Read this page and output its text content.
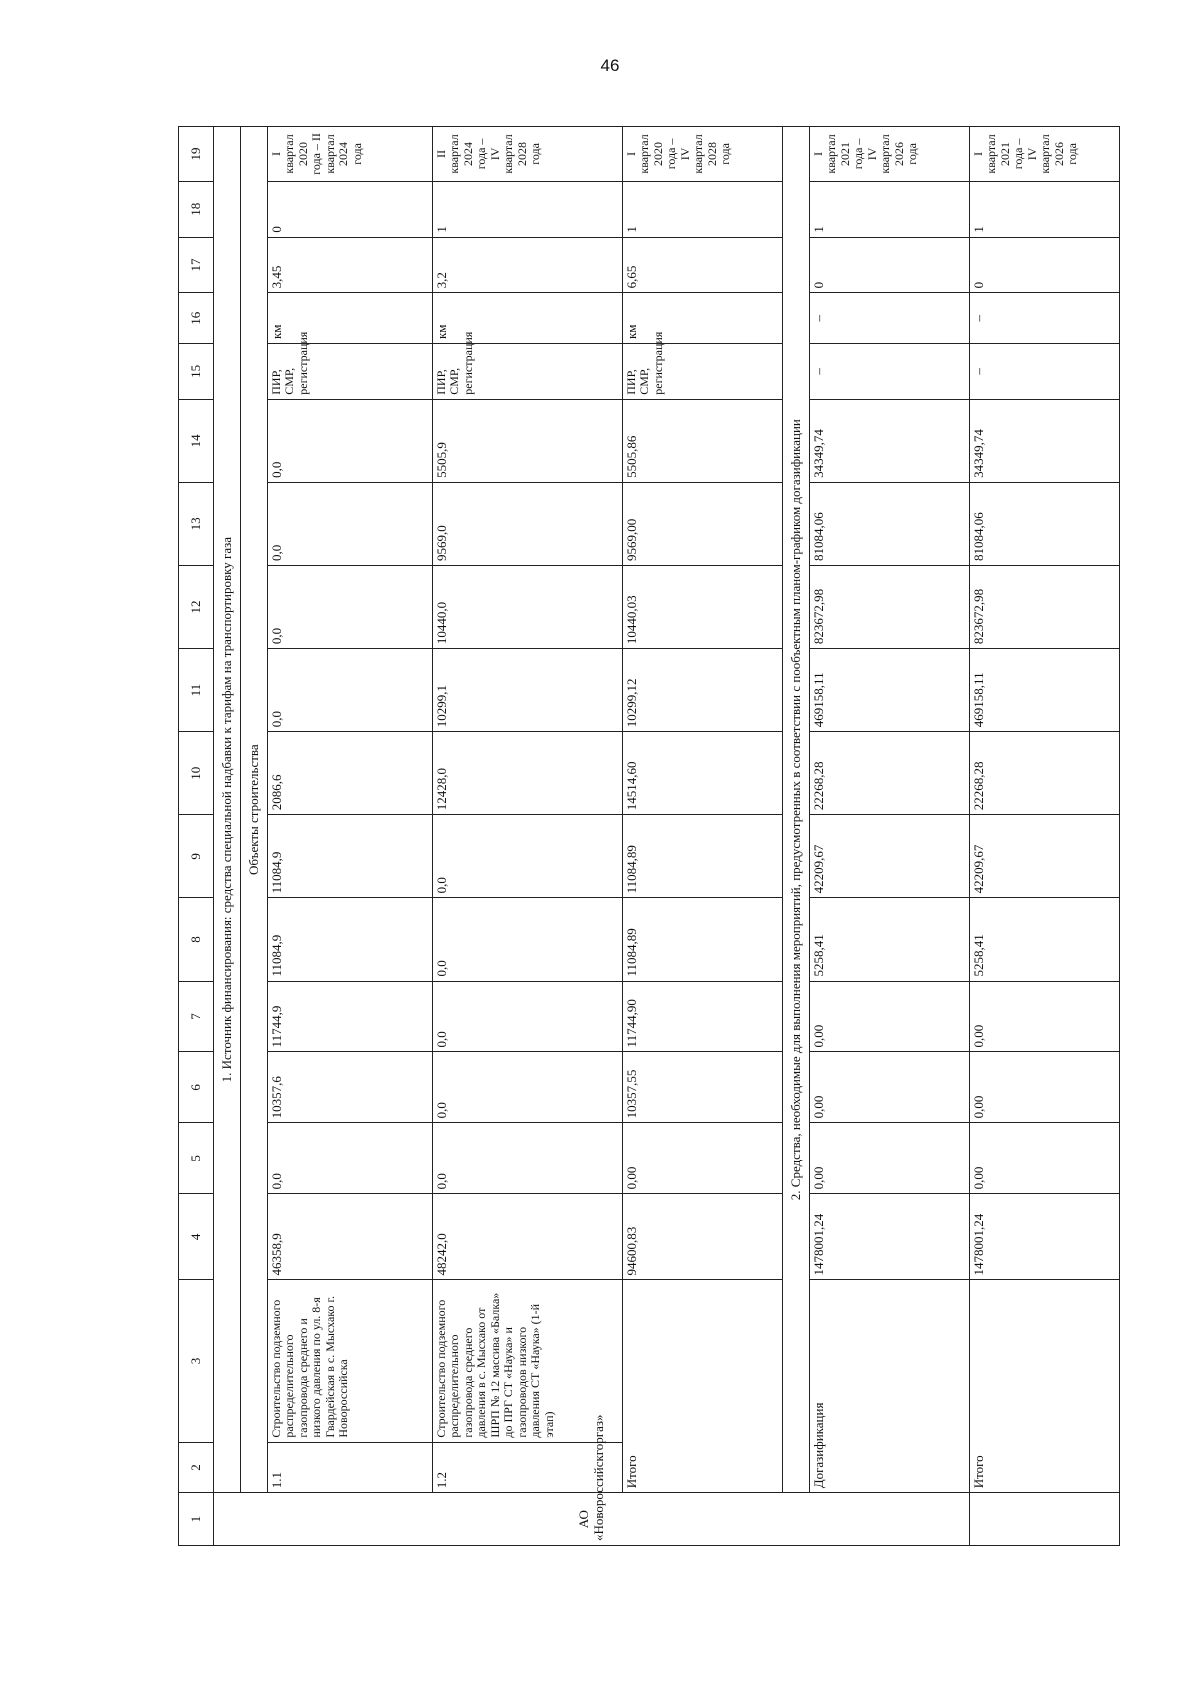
46
1	2	3	4	5	6	7	8	9	10	11	12	13	14	15	16	17	18	19
АО «Новороссийскгоргаз»	1. Источник финансирования: средства специальной надбавки к тарифам на транспортировку газа																	
	Объекты строительства																	
	1.1	Строительство подземного распределительного газопровода среднего и низкого давления по ул. 8-я Гвардейская в с. Мысхако г. Новороссийска	46358,9	0,0	10357,6	11744,9	11084,9	11084,9	2086,6	0,0	0,0	0,0	0,0	ПИР, СМР, регистрация	км	3,45	0	I квартал 2020 года – II квартал 2024 года
	1.2	Строительство подземного распределительного газопровода среднего давления в с. Мысхако от ШРП № 12 массива «Балка» до ПРГ СТ «Наука» и газопроводов низкого давления СТ «Наука» (1-й этап)	48242,0	0,0	0,0	0,0	0,0	0,0	12428,0	10299,1	10440,0	9569,0	5505,9	ПИР, СМР, регистрация	км	3,2	1	II квартал 2024 года – IV квартал 2028 года
	Итого		94600,83	0,00	10357,55	11744,90	11084,89	11084,89	14514,60	10299,12	10440,03	9569,00	5505,86	ПИР, СМР, регистрация	км	6,65	1	I квартал 2020 года – IV квартал 2028 года
	2. Средства, необходимые для выполнения мероприятий, предусмотренных в соответствии с пообъектным планом-графиком догазификации																	
	Догазификация		1478001,24	0,00	0,00	0,00	5258,41	42209,67	22268,28	469158,11	823672,98	81084,06	34349,74	–	–	0	1	I квартал 2021 года – IV квартал 2026 года
	Итого		1478001,24	0,00	0,00	0,00	5258,41	42209,67	22268,28	469158,11	823672,98	81084,06	34349,74	–	–	0	1	I квартал 2021 года – IV квартал 2026 года
